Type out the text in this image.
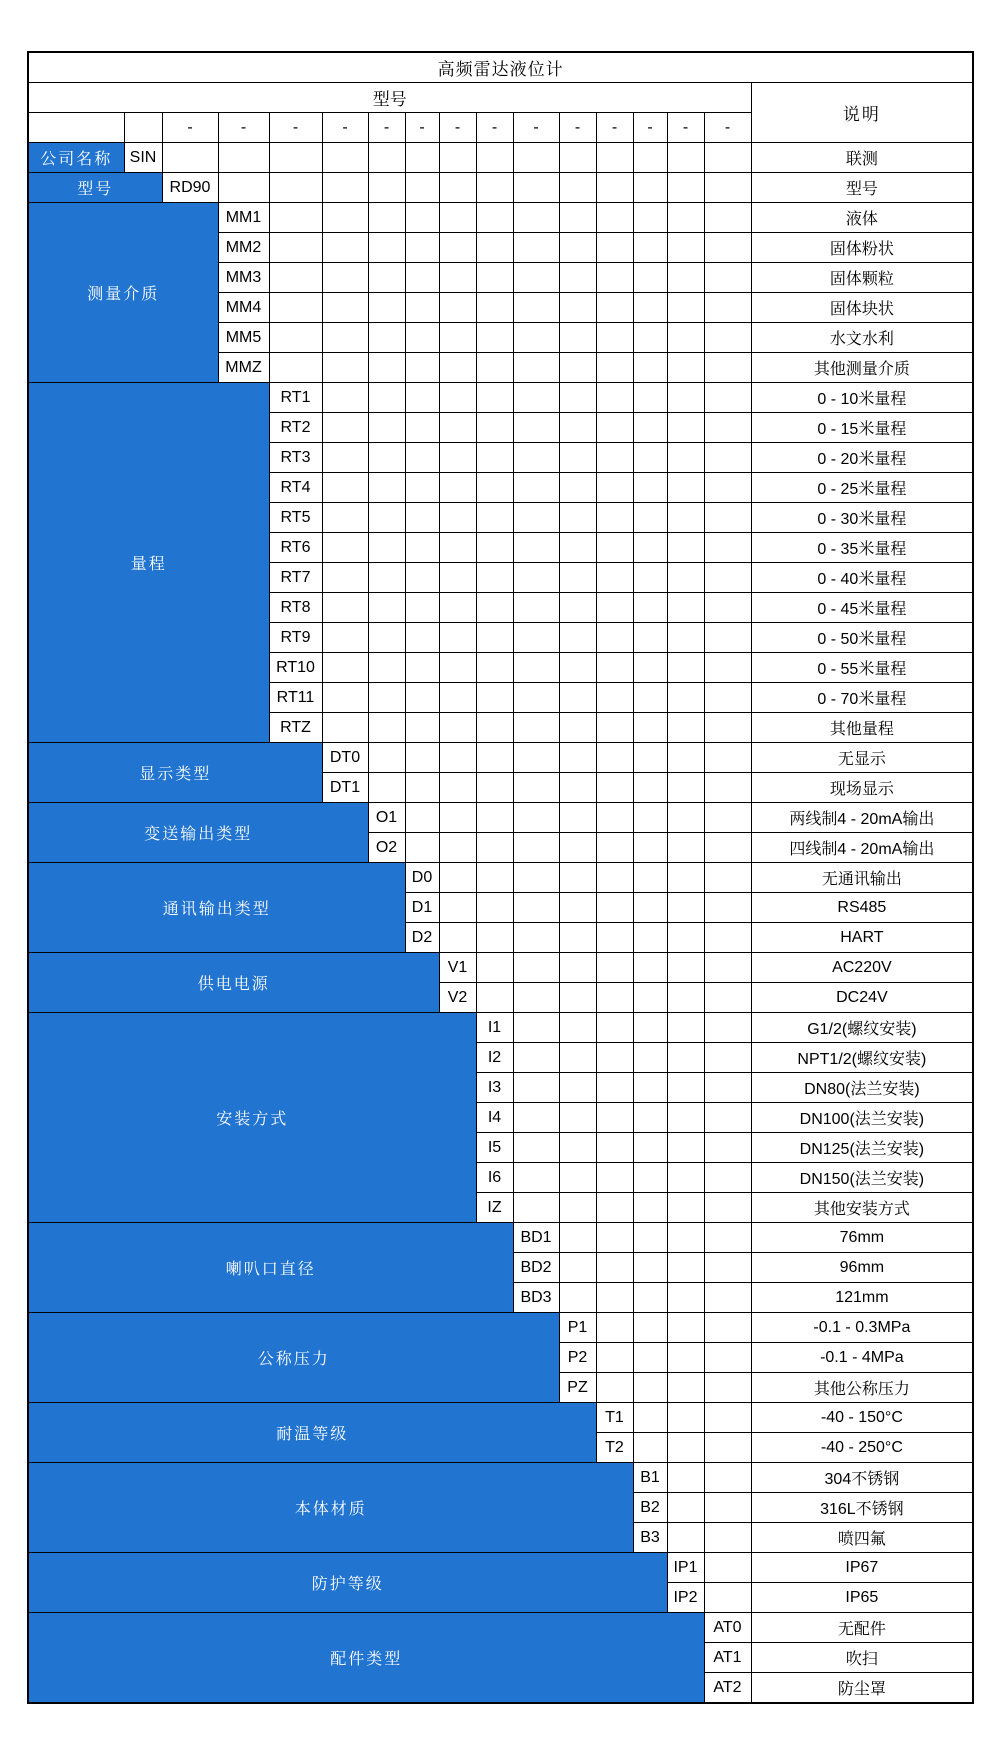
高频雷达液位计																
型号																说明
		-	-	-	-	-	-	-	-	-	-	-	-	-	-	
公司名称	SIN															联测
型号		RD90														型号
测量介质			MM1													液体
			MM2													固体粉状
			MM3													固体颗粒
			MM4													固体块状
			MM5													水文水利
			MMZ													其他测量介质
量程				RT1												0 - 10米量程
				RT2												0 - 15米量程
				RT3												0 - 20米量程
				RT4												0 - 25米量程
				RT5												0 - 30米量程
				RT6												0 - 35米量程
				RT7												0 - 40米量程
				RT8												0 - 45米量程
				RT9												0 - 50米量程
				RT10												0 - 55米量程
				RT11												0 - 70米量程
				RTZ												其他量程
显示类型					DT0											无显示
					DT1											现场显示
变送输出类型						O1										两线制4 - 20mA输出
						O2										四线制4 - 20mA输出
通讯输出类型							D0									无通讯输出
							D1									RS485
							D2									HART
供电电源								V1								AC220V
								V2								DC24V
安装方式									I1							G1/2(螺纹安装)
									I2							NPT1/2(螺纹安装)
									I3							DN80(法兰安装)
									I4							DN100(法兰安装)
									I5							DN125(法兰安装)
									I6							DN150(法兰安装)
									IZ							其他安装方式
喇叭口直径										BD1						76mm
										BD2						96mm
										BD3						121mm
公称压力											P1					-0.1 - 0.3MPa
											P2					-0.1 - 4MPa
											PZ					其他公称压力
耐温等级												T1				-40 - 150°C
												T2				-40 - 250°C
本体材质													B1			304不锈钢
													B2			316L不锈钢
													B3			喷四氟
防护等级														IP1		IP67
														IP2		IP65
配件类型															AT0	无配件
															AT1	吹扫
															AT2	防尘罩
